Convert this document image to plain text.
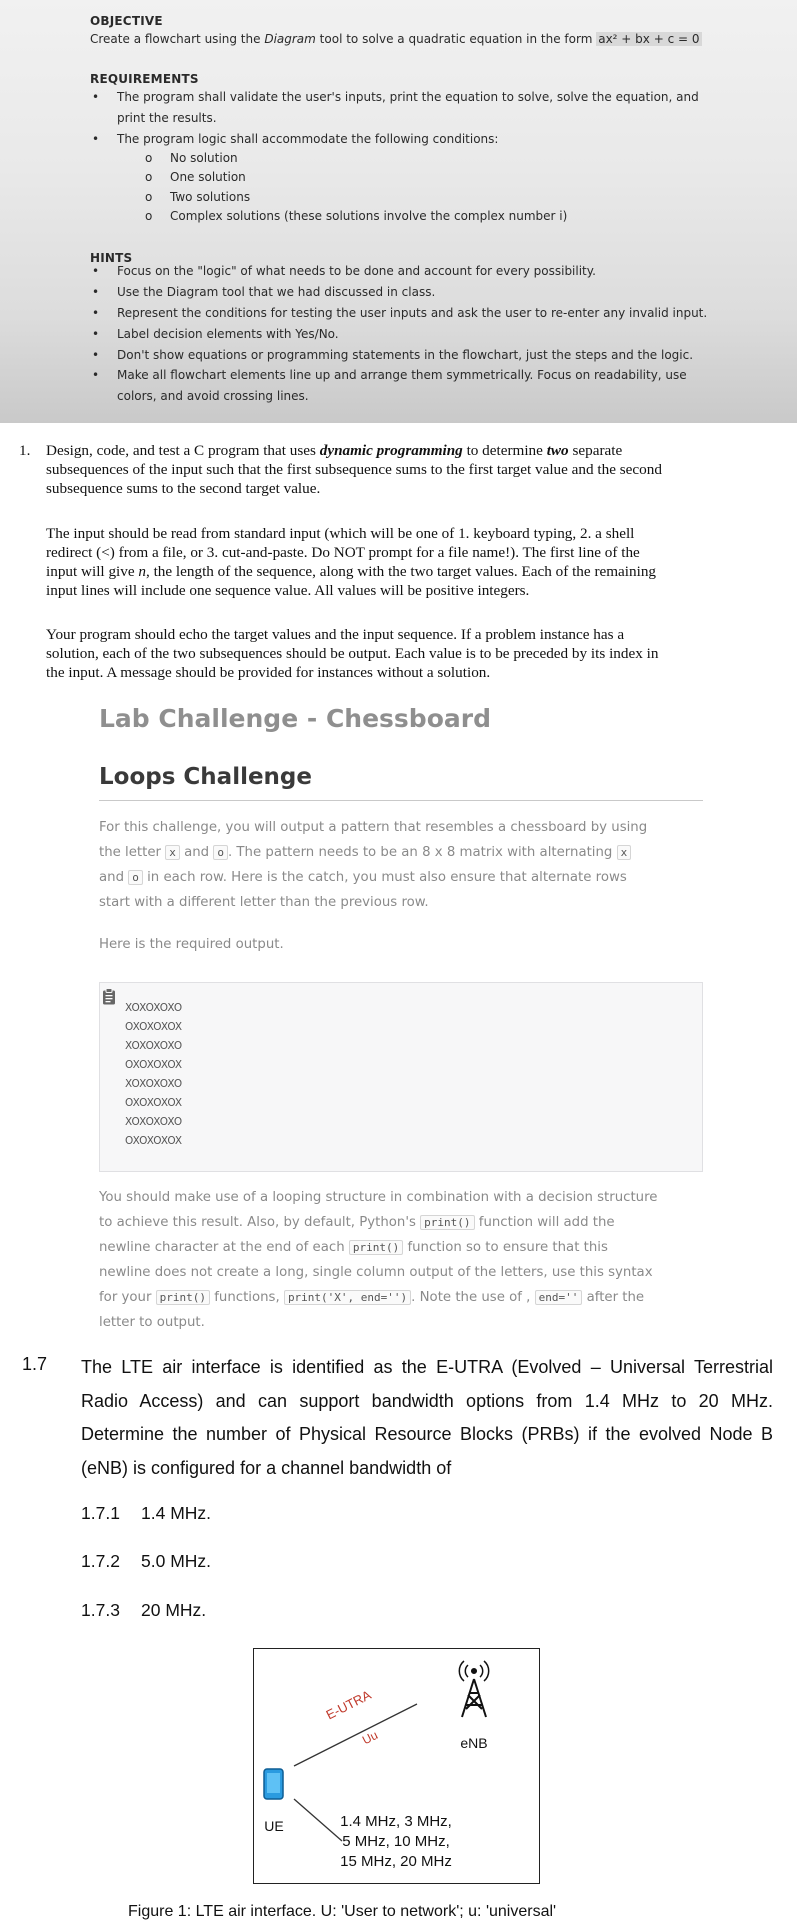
OBJECTIVE
Create a flowchart using the Diagram tool to solve a quadratic equation in the form ax² + bx + c = 0
REQUIREMENTS
• The program shall validate the user's inputs, print the equation to solve, solve the equation, and
print the results.
• The program logic shall accommodate the following conditions:
o No solution
o One solution
o Two solutions
o Complex solutions (these solutions involve the complex number i)
HINTS
• Focus on the "logic" of what needs to be done and account for every possibility.
• Use the Diagram tool that we had discussed in class.
• Represent the conditions for testing the user inputs and ask the user to re-enter any invalid input.
• Label decision elements with Yes/No.
• Don't show equations or programming statements in the flowchart, just the steps and the logic.
• Make all flowchart elements line up and arrange them symmetrically. Focus on readability, use
colors, and avoid crossing lines.
1. Design, code, and test a C program that uses dynamic programming to determine two separate
subsequences of the input such that the first subsequence sums to the first target value and the second
subsequence sums to the second target value.
The input should be read from standard input (which will be one of 1. keyboard typing, 2. a shell
redirect (<) from a file, or 3. cut-and-paste. Do NOT prompt for a file name!). The first line of the
input will give n, the length of the sequence, along with the two target values. Each of the remaining
input lines will include one sequence value. All values will be positive integers.
Your program should echo the target values and the input sequence. If a problem instance has a
solution, each of the two subsequences should be output. Each value is to be preceded by its index in
the input. A message should be provided for instances without a solution.
Lab Challenge - Chessboard
Loops Challenge
For this challenge, you will output a pattern that resembles a chessboard by using
the letter x and o . The pattern needs to be an 8 x 8 matrix with alternating x
and o in each row. Here is the catch, you must also ensure that alternate rows
start with a different letter than the previous row.
Here is the required output.
XOXOXOXO
OXOXOXOX
XOXOXOXO
OXOXOXOX
XOXOXOXO
OXOXOXOX
XOXOXOXO
OXOXOXOX
You should make use of a looping structure in combination with a decision structure
to achieve this result. Also, by default, Python's print() function will add the
newline character at the end of each print() function so to ensure that this
newline does not create a long, single column output of the letters, use this syntax
for your print() functions, print('X', end='') . Note the use of , end='' after the
letter to output.
1.7 The LTE air interface is identified as the E-UTRA (Evolved – Universal Terrestrial Radio Access) and can support bandwidth options from 1.4 MHz to 20 MHz. Determine the number of Physical Resource Blocks (PRBs) if the evolved Node B (eNB) is configured for a channel bandwidth of
1.7.1 1.4 MHz.
1.7.2 5.0 MHz.
1.7.3 20 MHz.
E-UTRA
Uu	eNB
UE	1.4 MHz, 3 MHz,
5 MHz, 10 MHz,
15 MHz, 20 MHz
Figure 1: LTE air interface. U: 'User to network'; u: 'universal'
